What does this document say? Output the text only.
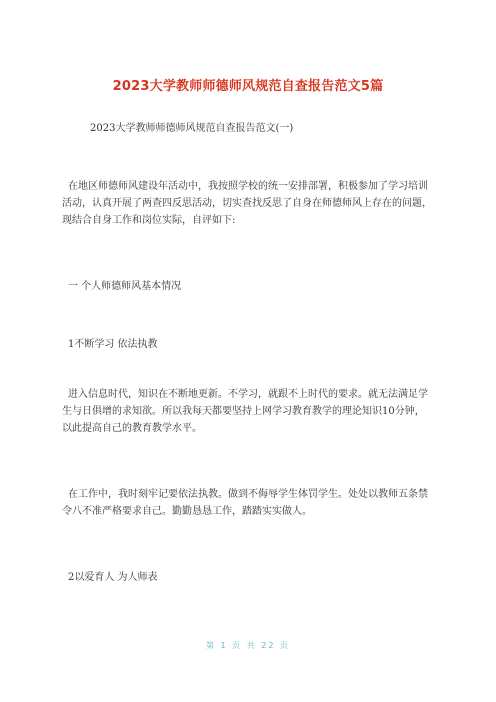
2023大学教师师德师风规范自查报告范文5篇
2023大学教师师德师风规范自查报告范文(一)
在地区师德师风建设年活动中，我按照学校的统一安排部署，积极参加了学习培训活动，认真开展了两查四反思活动，切实查找反思了自身在师德师风上存在的问题，现结合自身工作和岗位实际，自评如下:
一 个人师德师风基本情况
1不断学习 依法执教
进入信息时代，知识在不断地更新。不学习，就跟不上时代的要求。就无法满足学生与日俱增的求知欲。所以我每天都要坚持上网学习教育教学的理论知识10分钟，以此提高自己的教育教学水平。
在工作中，我时刻牢记要依法执教。做到不侮辱学生体罚学生。处处以教师五条禁令八不准严格要求自己。勤勤恳恳工作，踏踏实实做人。
2以爱育人 为人师表
第 1 页 共 22 页
